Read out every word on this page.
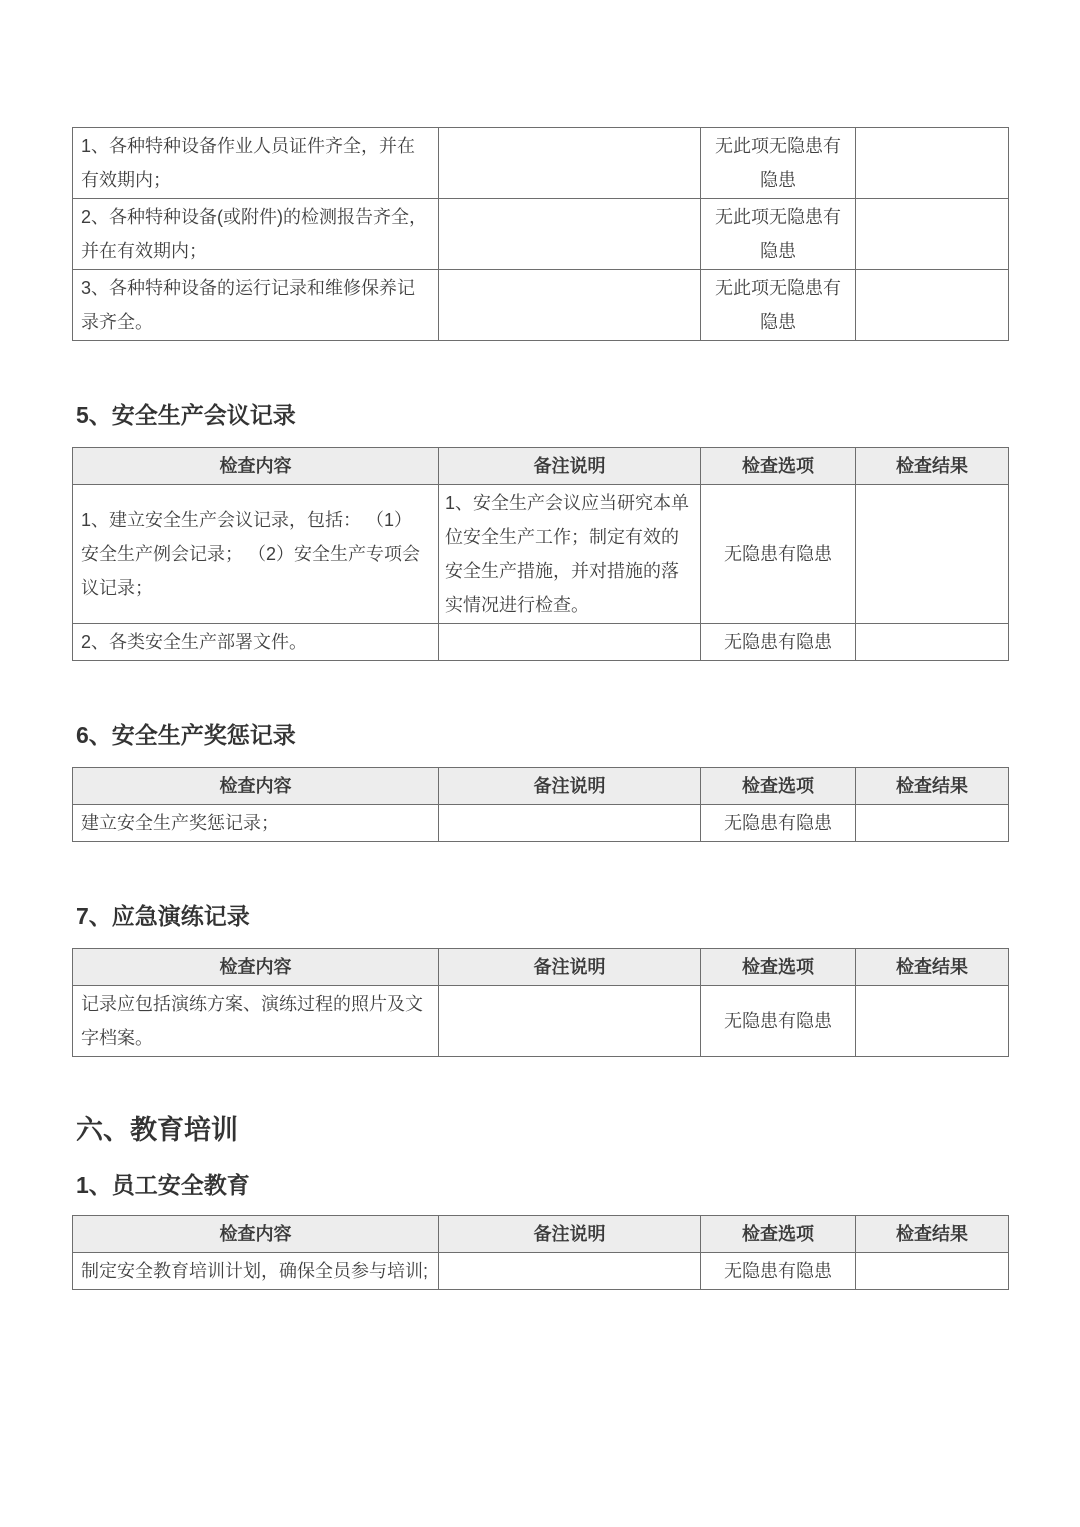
1、各种特种设备作业人员证件齐全，并在有效期内；		无此项无隐患有隐患	
2、各种特种设备(或附件)的检测报告齐全，并在有效期内；		无此项无隐患有隐患	
3、各种特种设备的运行记录和维修保养记录齐全。		无此项无隐患有隐患	
5、安全生产会议记录
检查内容	备注说明	检查选项	检查结果
1、建立安全生产会议记录，包括： （1）安全生产例会记录； （2）安全生产专项会议记录；	1、安全生产会议应当研究本单位安全生产工作；制定有效的安全生产措施，并对措施的落实情况进行检查。	无隐患有隐患	
2、各类安全生产部署文件。		无隐患有隐患	
6、安全生产奖惩记录
检查内容	备注说明	检查选项	检查结果
建立安全生产奖惩记录；		无隐患有隐患	
7、应急演练记录
检查内容	备注说明	检查选项	检查结果
记录应包括演练方案、演练过程的照片及文字档案。		无隐患有隐患	
六、教育培训
1、员工安全教育
检查内容	备注说明	检查选项	检查结果
制定安全教育培训计划，确保全员参与培训;		无隐患有隐患	
